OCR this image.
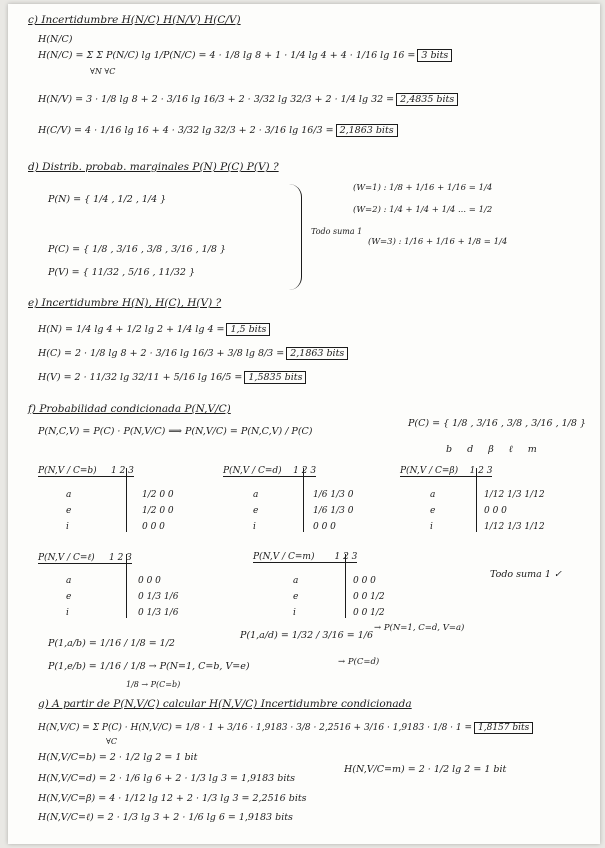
c) Incertidumbre H(N/C) H(N/V) H(C/V)
H(N/C)
H(N/C) = Σ Σ P(N/C) lg 1/P(N/C) = 4 · 1/8 lg 8 + 1 · 1/4 lg 4 + 4 · 1/16 lg 16 = 3 bits
∀N ∀C
H(N/V) = 3 · 1/8 lg 8 + 2 · 3/16 lg 16/3 + 2 · 3/32 lg 32/3 + 2 · 1/4 lg 32 = 2,4835 bits
H(C/V) = 4 · 1/16 lg 16 + 4 · 3/32 lg 32/3 + 2 · 3/16 lg 16/3 = 2,1863 bits
d) Distrib. probab. marginales P(N) P(C) P(V) ?
P(N) = { 1/4 , 1/2 , 1/4 }
P(C) = { 1/8 , 3/16 , 3/8 , 3/16 , 1/8 }
P(V) = { 11/32 , 5/16 , 11/32 }
Todo suma 1
(W=1) : 1/8 + 1/16 + 1/16 = 1/4
(W=2) : 1/4 + 1/4 + 1/4 ... = 1/2
(W=3) : 1/16 + 1/16 + 1/8 = 1/4
e) Incertidumbre H(N), H(C), H(V) ?
H(N) = 1/4 lg 4 + 1/2 lg 2 + 1/4 lg 4 = 1,5 bits
H(C) = 2 · 1/8 lg 8 + 2 · 3/16 lg 16/3 + 3/8 lg 8/3 = 2,1863 bits
H(V) = 2 · 11/32 lg 32/11 + 5/16 lg 16/5 = 1,5835 bits
f) Probabilidad condicionada P(N,V/C)
P(N,C,V) = P(C) · P(N,V/C) ⟹ P(N,V/C) = P(N,C,V) / P(C)
P(C) = { 1/8 , 3/16 , 3/8 , 3/16 , 1/8 }
b d β ℓ m
P(N,V / C=b) 1 2 3
a	1/2 0 0
e	1/2 0 0
i	0 0 0
P(N,V / C=d) 1 2 3
a	1/6 1/3 0
e	1/6 1/3 0
i	0 0 0
P(N,V / C=β) 1 2 3
a	1/12 1/3 1/12
e	0 0 0
i	1/12 1/3 1/12
P(N,V / C=ℓ) 1 2 3
a	0 0 0
e	0 1/3 1/6
i	0 1/3 1/6
P(N,V / C=m) 1 2 3
a	0 0 0
e	0 0 1/2
i	0 0 1/2
Todo suma 1 ✓
P(1,a/b) = 1/16 / 1/8 = 1/2
P(1,e/b) = 1/16 / 1/8 → P(N=1, C=b, V=e)
1/8 → P(C=b)
P(1,a/d) = 1/32 / 3/16 = 1/6
→ P(N=1, C=d, V=a)
→ P(C=d)
g) A partir de P(N,V/C) calcular H(N,V/C) Incertidumbre condicionada
H(N,V/C) = Σ P(C) · H(N,V/C) = 1/8 · 1 + 3/16 · 1,9183 · 3/8 · 2,2516 + 3/16 · 1,9183 · 1/8 · 1 = 1,8157 bits
∀C
H(N,V/C=b) = 2 · 1/2 lg 2 = 1 bit
H(N,V/C=d) = 2 · 1/6 lg 6 + 2 · 1/3 lg 3 = 1,9183 bits
H(N,V/C=β) = 4 · 1/12 lg 12 + 2 · 1/3 lg 3 = 2,2516 bits
H(N,V/C=ℓ) = 2 · 1/3 lg 3 + 2 · 1/6 lg 6 = 1,9183 bits
H(N,V/C=m) = 2 · 1/2 lg 2 = 1 bit
